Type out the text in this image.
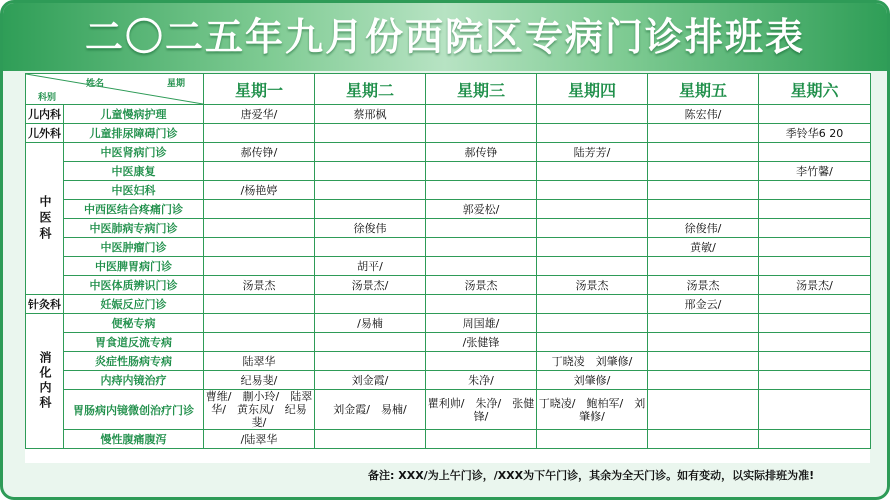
二〇二五年九月份西院区专病门诊排班表
姓名 星期
科别		星期一	星期二	星期三	星期四	星期五	星期六
儿内科	儿童慢病护理	唐爱华/	蔡邢枫			陈宏伟/	
儿外科	儿童排尿障碍门诊						季铃华6 20
中医科	中医肾病门诊	郝传铮/		郝传铮	陆芳芳/		
	中医康复						李竹馨/
	中医妇科	/杨艳婷					
	中西医结合疼痛门诊			郭爱松/			
	中医肺病专病门诊		徐俊伟			徐俊伟/	
	中医肿瘤门诊					黄敏/	
	中医脾胃病门诊		胡平/				
	中医体质辨识门诊	汤景杰	汤景杰/	汤景杰	汤景杰	汤景杰	汤景杰/
针灸科	妊娠反应门诊					邢金云/	
消化内科	便秘专病		/易楠	周国雄/			
	胃食道反流专病			/张健锋			
	炎症性肠病专病	陆翠华			丁晓凌　刘肇修/		
	内痔内镜治疗	纪易斐/	刘金霞/	朱净/	刘肇修/		
	胃肠病内镜微创治疗门诊	曹维/　蒯小玲/　陆翠华/　黄东凤/　纪易斐/	刘金霞/　易楠/	瞿利帅/　朱净/　张健锋/	丁晓凌/　鲍柏军/　刘肇修/		
	慢性腹痛腹泻	/陆翠华					
备注: XXX/为上午门诊，/XXX为下午门诊，其余为全天门诊。如有变动，以实际排班为准!
